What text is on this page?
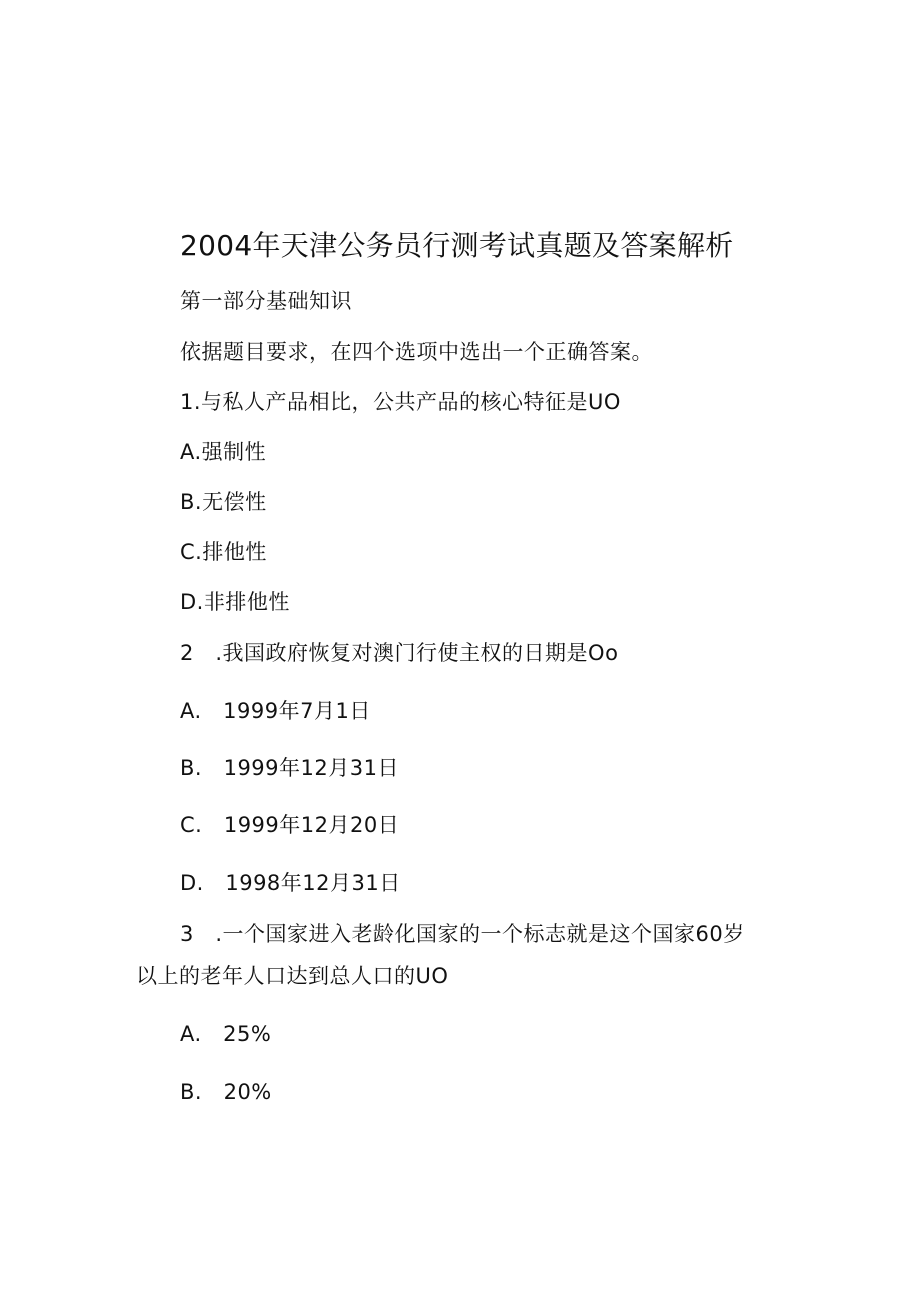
2004年天津公务员行测考试真题及答案解析
第一部分基础知识
依据题目要求，在四个选项中选出一个正确答案。
1.与私人产品相比，公共产品的核心特征是UO
A.强制性
B.无偿性
C.排他性
D.非排他性
2　.我国政府恢复对澳门行使主权的日期是Oo
A.　1999年7月1日
B.　1999年12月31日
C.　1999年12月20日
D.　1998年12月31日
3　.一个国家进入老龄化国家的一个标志就是这个国家60岁
以上的老年人口达到总人口的UO
A.　25%
B.　20%
